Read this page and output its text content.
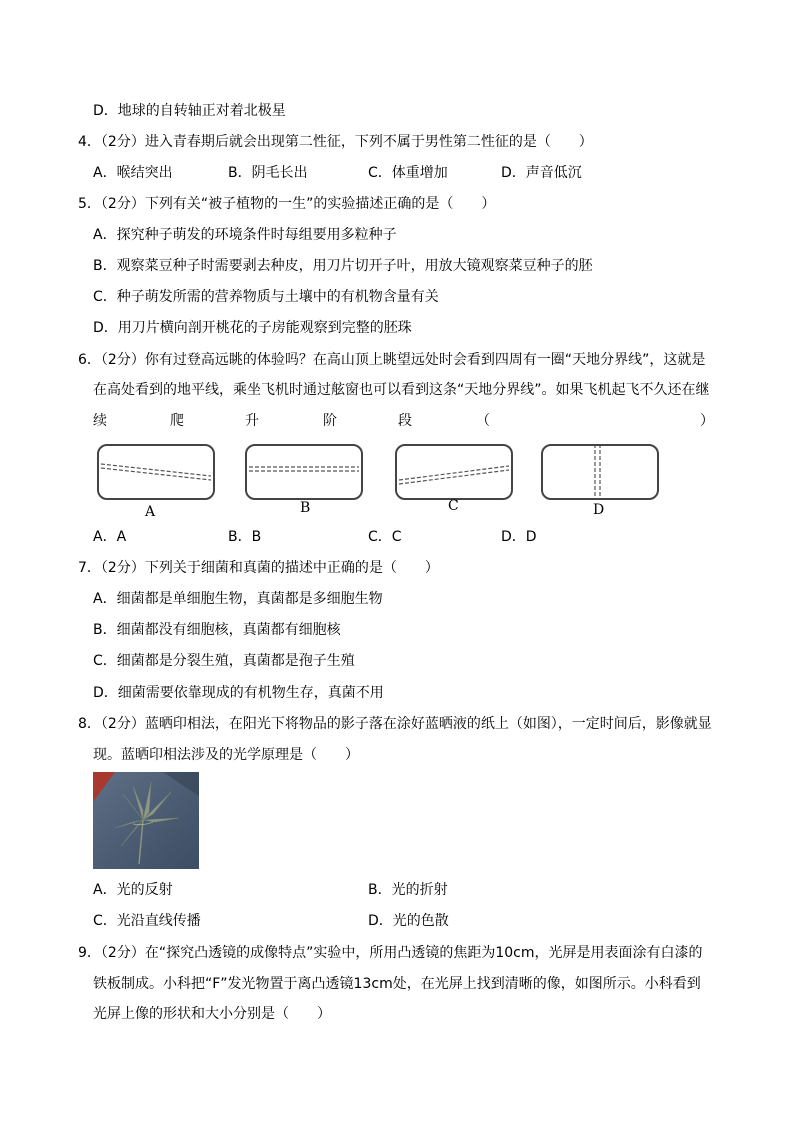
D．地球的自转轴正对着北极星
4．（2分）进入青春期后就会出现第二性征，下列不属于男性第二性征的是（　　）
A．喉结突出	B．阴毛长出	C．体重增加	D．声音低沉
5．（2分）下列有关“被子植物的一生”的实验描述正确的是（　　）
A．探究种子萌发的环境条件时每组要用多粒种子
B．观察菜豆种子时需要剥去种皮，用刀片切开子叶，用放大镜观察菜豆种子的胚
C．种子萌发所需的营养物质与土壤中的有机物含量有关
D．用刀片横向剖开桃花的子房能观察到完整的胚珠
6．（2分）你有过登高远眺的体验吗？在高山顶上眺望远处时会看到四周有一圈“天地分界线”，这就是
在高处看到的地平线，乘坐飞机时通过舷窗也可以看到这条“天地分界线”。如果飞机起飞不久还在继
续	爬	升	阶	段	（	）
A	B	C	D
A．A	B．B	C．C	D．D
7．（2分）下列关于细菌和真菌的描述中正确的是（　　）
A．细菌都是单细胞生物，真菌都是多细胞生物
B．细菌都没有细胞核，真菌都有细胞核
C．细菌都是分裂生殖，真菌都是孢子生殖
D．细菌需要依靠现成的有机物生存，真菌不用
8．（2分）蓝晒印相法，在阳光下将物品的影子落在涂好蓝晒液的纸上（如图），一定时间后，影像就显
现。蓝晒印相法涉及的光学原理是（　　）
A．光的反射	B．光的折射
C．光沿直线传播	D．光的色散
9．（2分）在“探究凸透镜的成像特点”实验中，所用凸透镜的焦距为10cm，光屏是用表面涂有白漆的
铁板制成。小科把“F”发光物置于离凸透镜13cm处，在光屏上找到清晰的像，如图所示。小科看到
光屏上像的形状和大小分别是（　　）
